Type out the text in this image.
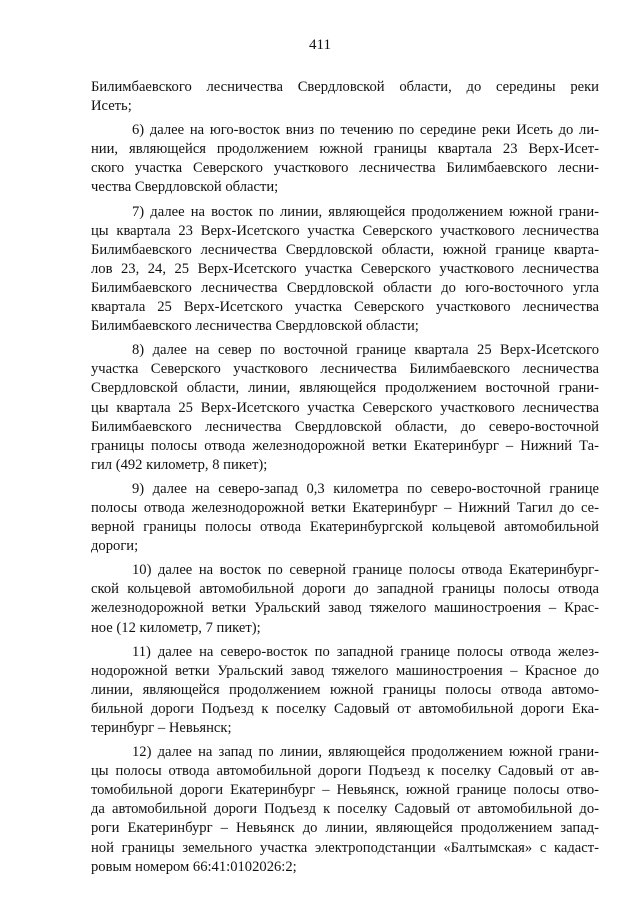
411
Билимбаевского лесничества Свердловской области, до середины реки
Исеть;
6) далее на юго-восток вниз по течению по середине реки Исеть до ли-
нии, являющейся продолжением южной границы квартала 23 Верх-Исет-
ского участка Северского участкового лесничества Билимбаевского лесни-
чества Свердловской области;
7) далее на восток по линии, являющейся продолжением южной грани-
цы квартала 23 Верх-Исетского участка Северского участкового лесничества
Билимбаевского лесничества Свердловской области, южной границе кварта-
лов 23, 24, 25 Верх-Исетского участка Северского участкового лесничества
Билимбаевского лесничества Свердловской области до юго-восточного угла
квартала 25 Верх-Исетского участка Северского участкового лесничества
Билимбаевского лесничества Свердловской области;
8) далее на север по восточной границе квартала 25 Верх-Исетского
участка Северского участкового лесничества Билимбаевского лесничества
Свердловской области, линии, являющейся продолжением восточной грани-
цы квартала 25 Верх-Исетского участка Северского участкового лесничества
Билимбаевского лесничества Свердловской области, до северо-восточной
границы полосы отвода железнодорожной ветки Екатеринбург – Нижний Та-
гил (492 километр, 8 пикет);
9) далее на северо-запад 0,3 километра по северо-восточной границе
полосы отвода железнодорожной ветки Екатеринбург – Нижний Тагил до се-
верной границы полосы отвода Екатеринбургской кольцевой автомобильной
дороги;
10) далее на восток по северной границе полосы отвода Екатеринбург-
ской кольцевой автомобильной дороги до западной границы полосы отвода
железнодорожной ветки Уральский завод тяжелого машиностроения – Крас-
ное (12 километр, 7 пикет);
11) далее на северо-восток по западной границе полосы отвода желез-
нодорожной ветки Уральский завод тяжелого машиностроения – Красное до
линии, являющейся продолжением южной границы полосы отвода автомо-
бильной дороги Подъезд к поселку Садовый от автомобильной дороги Ека-
теринбург – Невьянск;
12) далее на запад по линии, являющейся продолжением южной грани-
цы полосы отвода автомобильной дороги Подъезд к поселку Садовый от ав-
томобильной дороги Екатеринбург – Невьянск, южной границе полосы отво-
да автомобильной дороги Подъезд к поселку Садовый от автомобильной до-
роги Екатеринбург – Невьянск до линии, являющейся продолжением запад-
ной границы земельного участка электроподстанции «Балтымская» с кадаст-
ровым номером 66:41:0102026:2;
